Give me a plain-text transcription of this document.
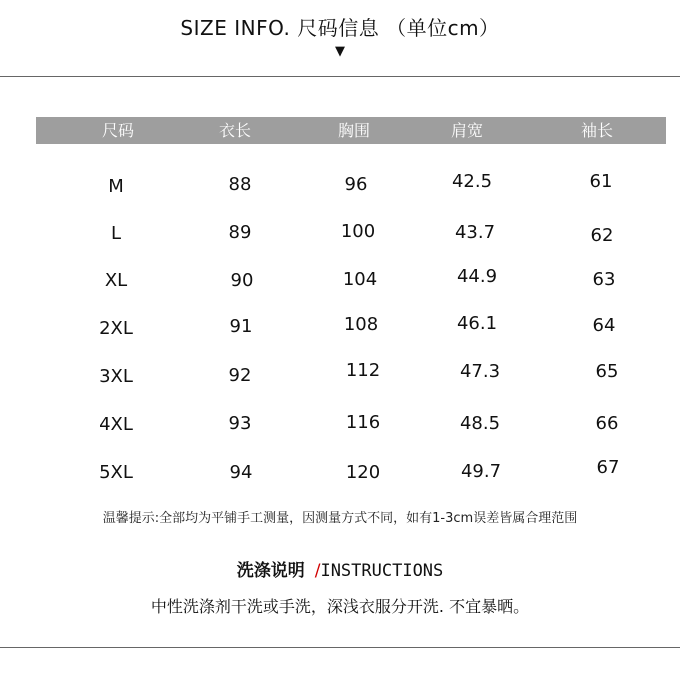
SIZE INFO. 尺码信息 （单位cm）
▼
尺码	衣长	胸围	肩宽	袖长
M	88	96	42.5	61
L	89	100	43.7	62
XL	90	104	44.9	63
2XL	91	108	46.1	64
3XL	92	112	47.3	65
4XL	93	116	48.5	66
5XL	94	120	49.7	67
温馨提示:全部均为平铺手工测量，因测量方式不同，如有1-3cm误差皆属合理范围
洗涤说明 /INSTRUCTIONS
中性洗涤剂干洗或手洗，深浅衣服分开洗. 不宜暴晒。
